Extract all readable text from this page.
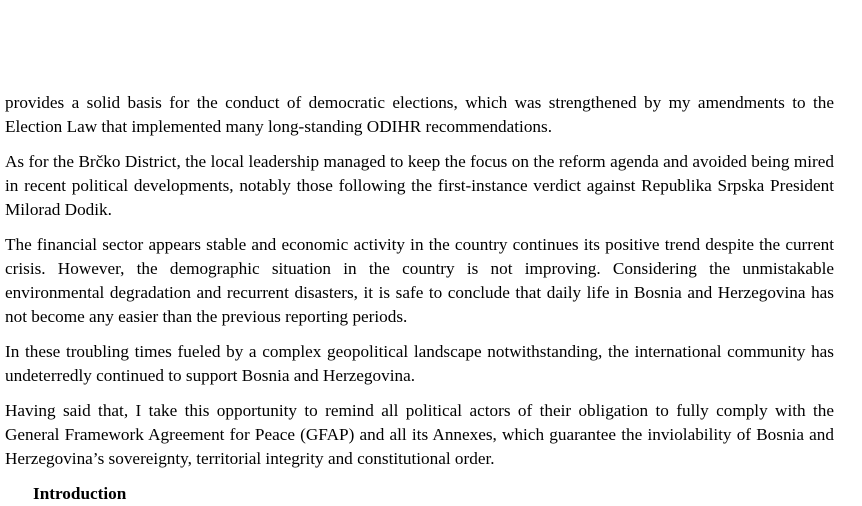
provides a solid basis for the conduct of democratic elections, which was strengthened by my amendments to the Election Law that implemented many long-standing ODIHR recommendations.

As for the Brčko District, the local leadership managed to keep the focus on the reform agenda and avoided being mired in recent political developments, notably those following the first-instance verdict against Republika Srpska President Milorad Dodik.

The financial sector appears stable and economic activity in the country continues its positive trend despite the current crisis. However, the demographic situation in the country is not improving. Considering the unmistakable environmental degradation and recurrent disasters, it is safe to conclude that daily life in Bosnia and Herzegovina has not become any easier than the previous reporting periods.

In these troubling times fueled by a complex geopolitical landscape notwithstanding, the international community has undeterredly continued to support Bosnia and Herzegovina.

Having said that, I take this opportunity to remind all political actors of their obligation to fully comply with the General Framework Agreement for Peace (GFAP) and all its Annexes, which guarantee the inviolability of Bosnia and Herzegovina’s sovereignty, territorial integrity and constitutional order.

Introduction
